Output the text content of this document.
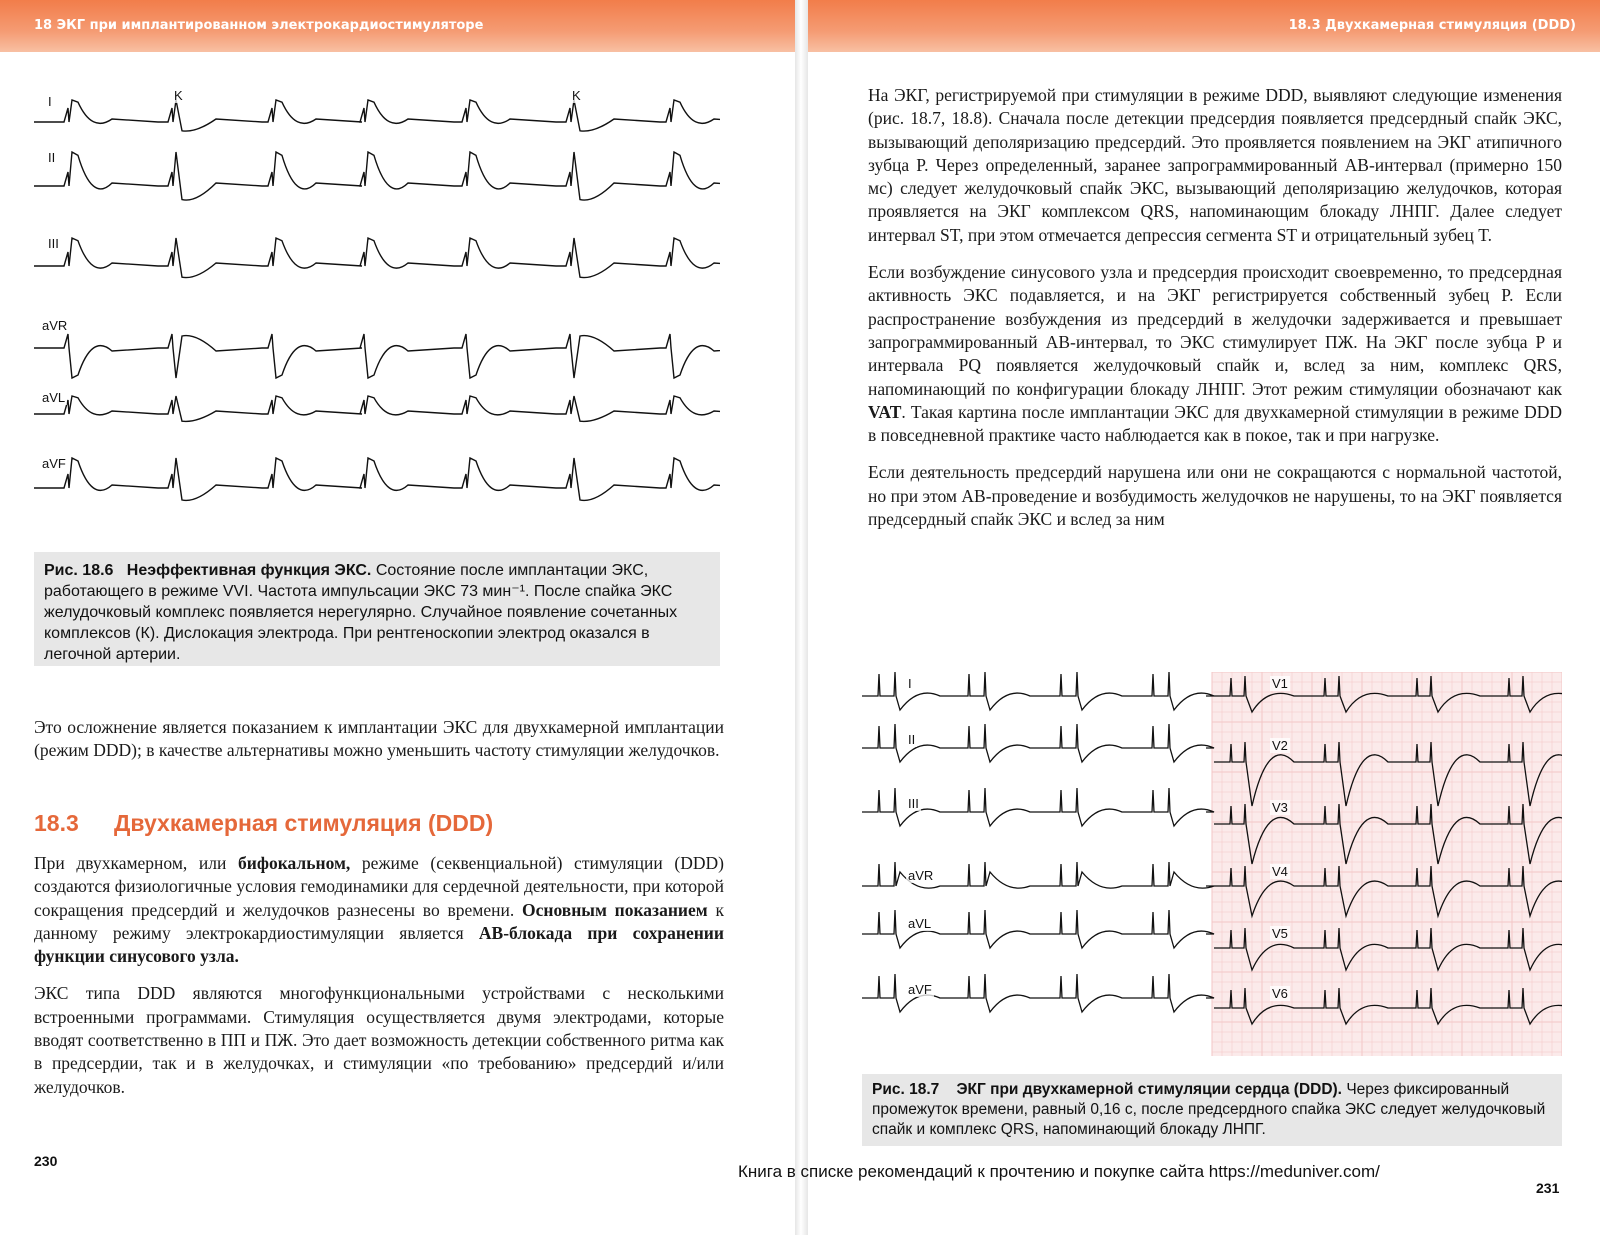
18 ЭКГ при имплантированном электрокардиостимуляторе	18.3 Двухкамерная стимуляция (DDD)
I	K	K
II
III
aVR
aVL
aVF
Рис. 18.6 Неэффективная функция ЭКС. Состояние после имплантации ЭКС, работающего в режиме VVI. Частота импульсации ЭКС 73 мин⁻¹. После спайка ЭКС желудочковый комплекс появляется нерегулярно. Случайное появление сочетанных комплексов (К). Дислокация электрода. При рентгеноскопии электрод оказался в легочной артерии.
Это осложнение является показанием к имплантации ЭКС для двухкамерной имплантации (режим DDD); в качестве альтернативы можно уменьшить частоту стимуляции желудочков.
18.3 Двухкамерная стимуляция (DDD)

При двухкамерном, или бифокальном, режиме (секвенциальной) стимуляции (DDD) создаются физиологичные условия гемодинамики для сердечной деятельности, при которой сокращения предсердий и желудочков разнесены во времени. Основным показанием к данному режиму электрокардиостимуляции является АВ-блокада при сохранении функции синусового узла.

ЭКС типа DDD являются многофункциональными устройствами с несколькими встроенными программами. Стимуляция осуществляется двумя электродами, которые вводят соответственно в ПП и ПЖ. Это дает возможность детекции собственного ритма как в предсердии, так и в желудочках, и стимуляции «по требованию» предсердий и/или желудочков.

230

На ЭКГ, регистрируемой при стимуляции в режиме DDD, выявляют следующие изменения (рис. 18.7, 18.8). Сначала после детекции предсердия появляется предсердный спайк ЭКС, вызывающий деполяризацию предсердий. Это проявляется появлением на ЭКГ атипичного зубца P. Через определенный, заранее запрограммированный АВ-интервал (примерно 150 мс) следует желудочковый спайк ЭКС, вызывающий деполяризацию желудочков, которая проявляется на ЭКГ комплексом QRS, напоминающим блокаду ЛНПГ. Далее следует интервал ST, при этом отмечается депрессия сегмента ST и отрицательный зубец T.

Если возбуждение синусового узла и предсердия происходит своевременно, то предсердная активность ЭКС подавляется, и на ЭКГ регистрируется собственный зубец P. Если распространение возбуждения из предсердий в желудочки задерживается и превышает запрограммированный АВ-интервал, то ЭКС стимулирует ПЖ. На ЭКГ после зубца P и интервала PQ появляется желудочковый спайк и, вслед за ним, комплекс QRS, напоминающий по конфигурации блокаду ЛНПГ. Этот режим стимуляции обозначают как VAT. Такая картина после имплантации ЭКС для двухкамерной стимуляции в режиме DDD в повседневной практике часто наблюдается как в покое, так и при нагрузке.

Если деятельность предсердий нарушена или они не сокращаются с нормальной частотой, но при этом АВ-проведение и возбудимость желудочков не нарушены, то на ЭКГ появляется предсердный спайк ЭКС и вслед за ним

I
II
III
aVR
aVL
aVF
V1
V2
V3
V4
V5
V6
Рис. 18.7 ЭКГ при двухкамерной стимуляции сердца (DDD). Через фиксированный промежуток времени, равный 0,16 с, после предсердного спайка ЭКС следует желудочковый спайк и комплекс QRS, напоминающий блокаду ЛНПГ.
Книга в списке рекомендаций к прочтению и покупке сайта https://meduniver.com/
231
